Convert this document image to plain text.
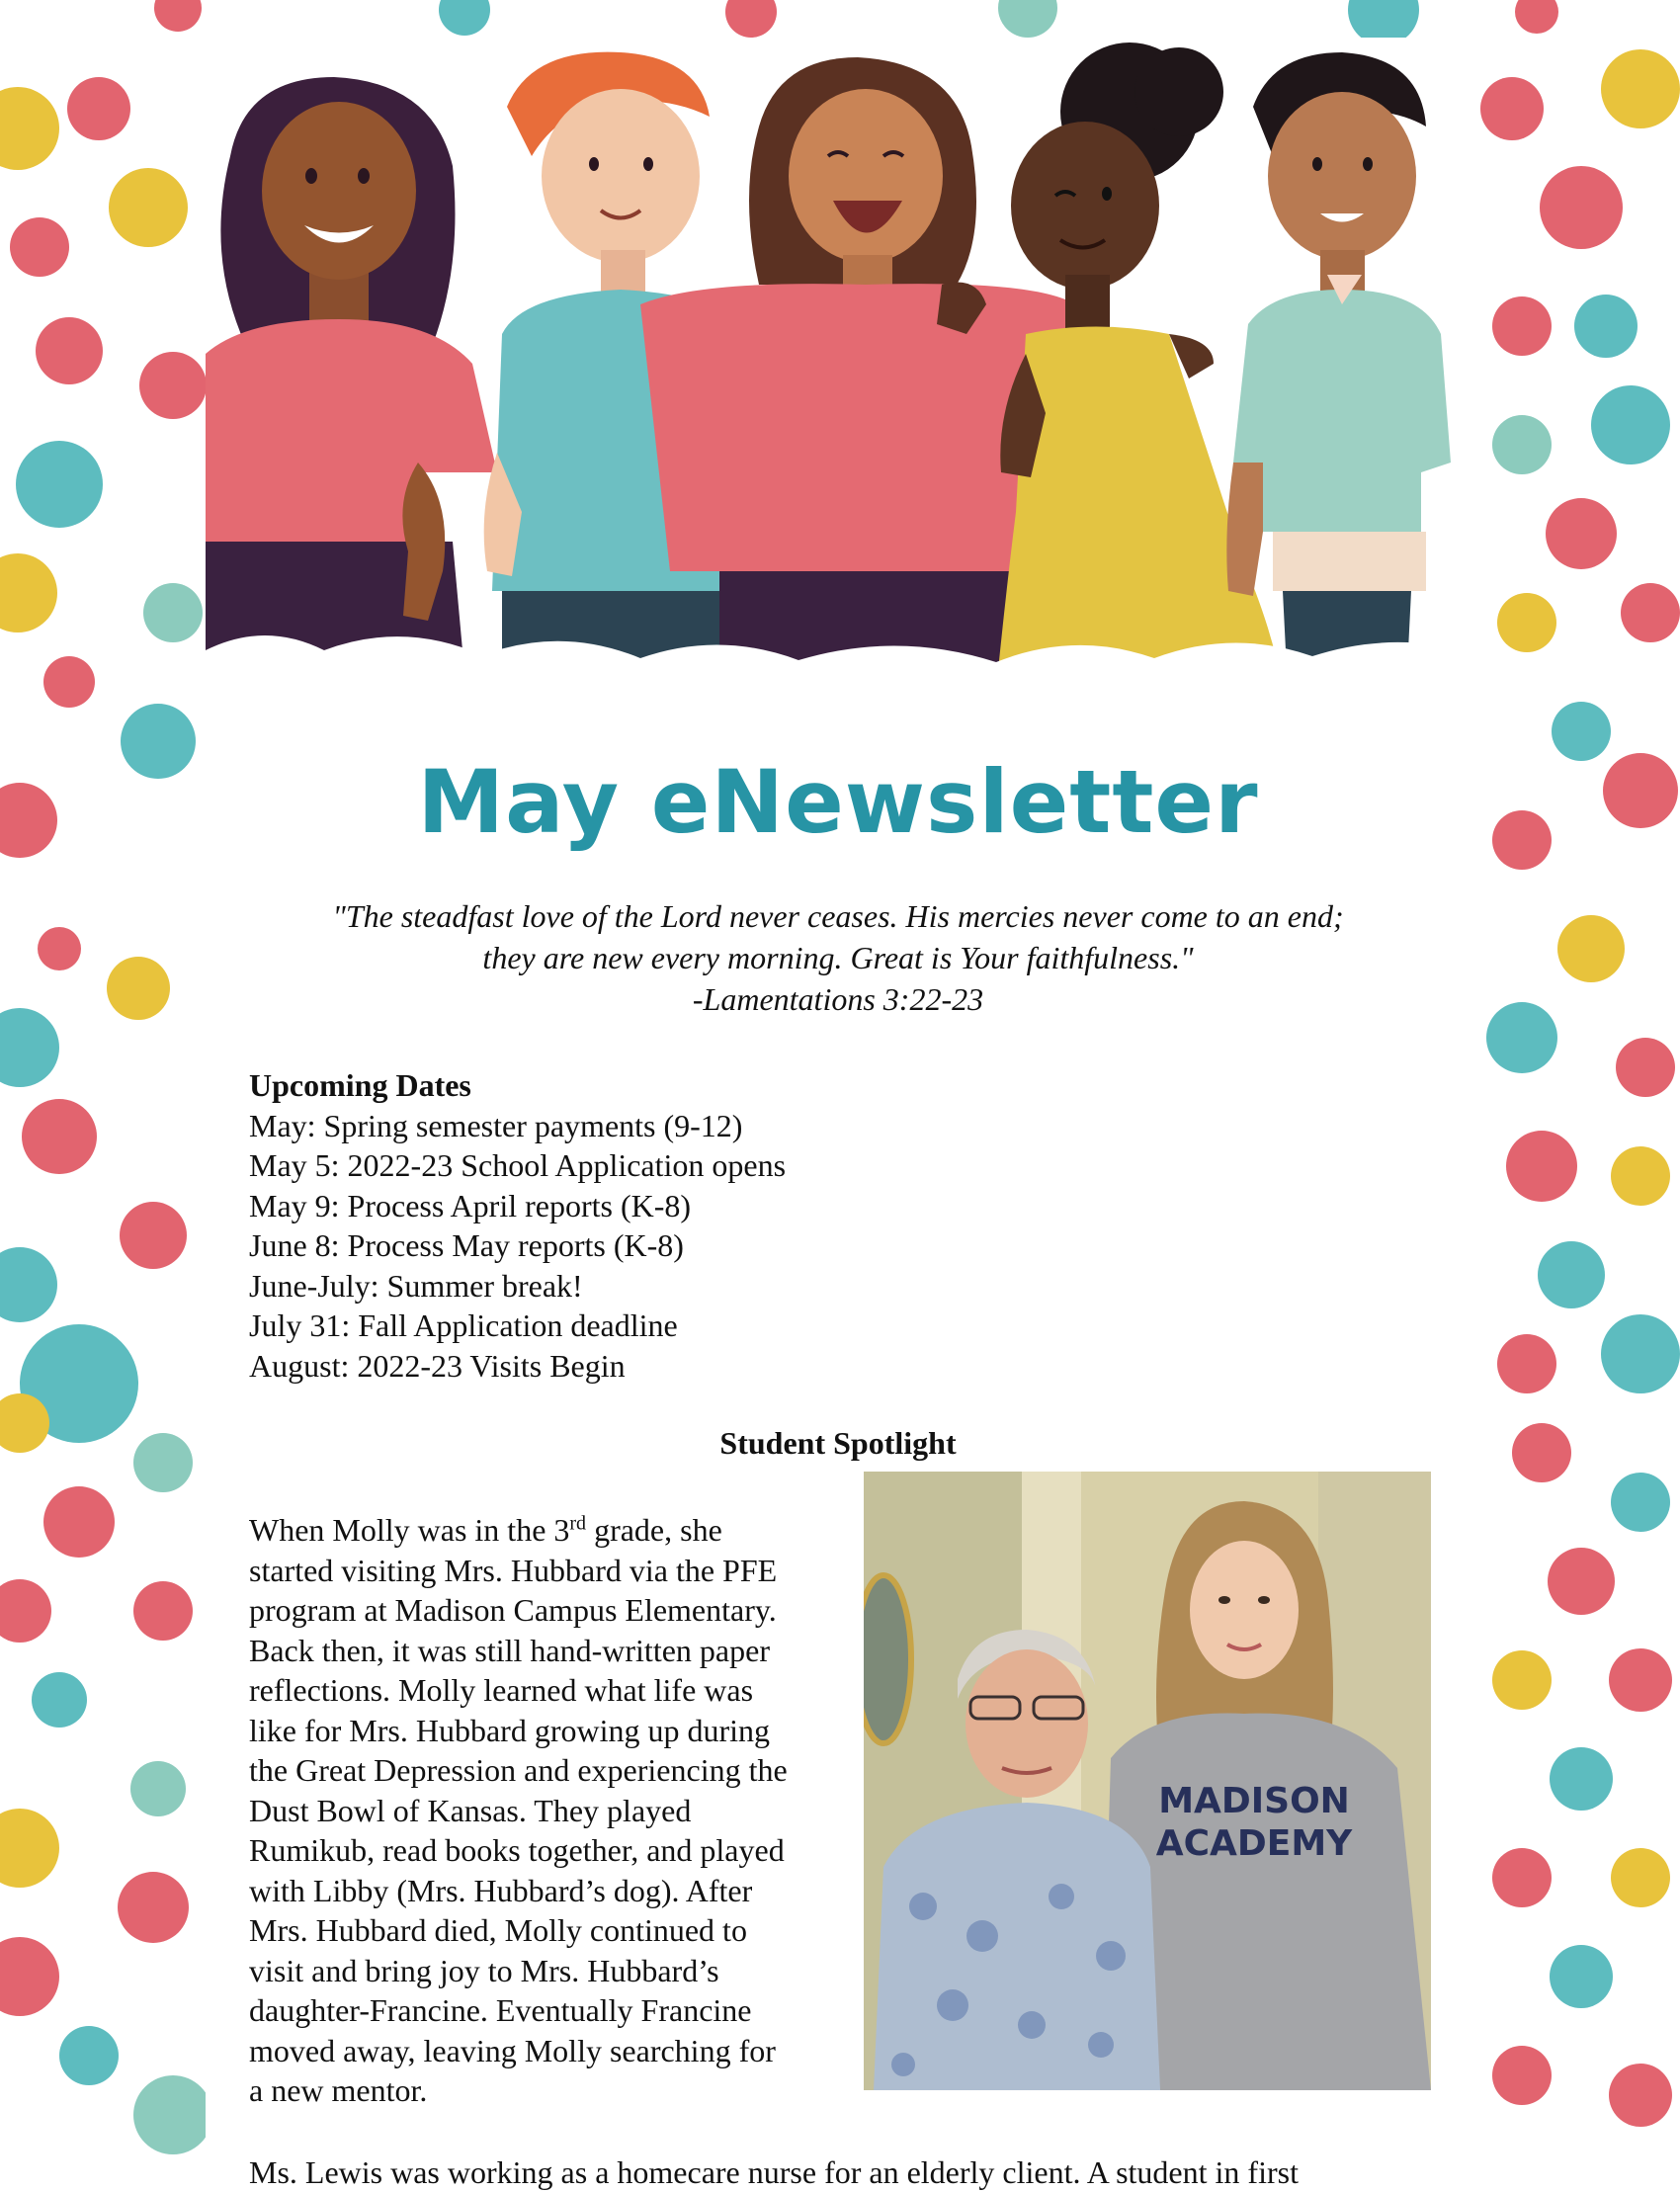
May eNewsletter
"The steadfast love of the Lord never ceases. His mercies never come to an end;
they are new every morning. Great is Your faithfulness."
-Lamentations 3:22-23
Upcoming Dates
May: Spring semester payments (9-12)
May 5: 2022-23 School Application opens
May 9: Process April reports (K-8)
June 8: Process May reports (K-8)
June-July: Summer break!
July 31: Fall Application deadline
August: 2022-23 Visits Begin
Student Spotlight
When Molly was in the 3rd grade, she
started visiting Mrs. Hubbard via the PFE
program at Madison Campus Elementary.
Back then, it was still hand-written paper
reflections. Molly learned what life was
like for Mrs. Hubbard growing up during
the Great Depression and experiencing the
Dust Bowl of Kansas. They played
Rumikub, read books together, and played
with Libby (Mrs. Hubbard’s dog). After
Mrs. Hubbard died, Molly continued to
visit and bring joy to Mrs. Hubbard’s
daughter-Francine. Eventually Francine
moved away, leaving Molly searching for
a new mentor.
MADISON
ACADEMY
Ms. Lewis was working as a homecare nurse for an elderly client. A student in first
